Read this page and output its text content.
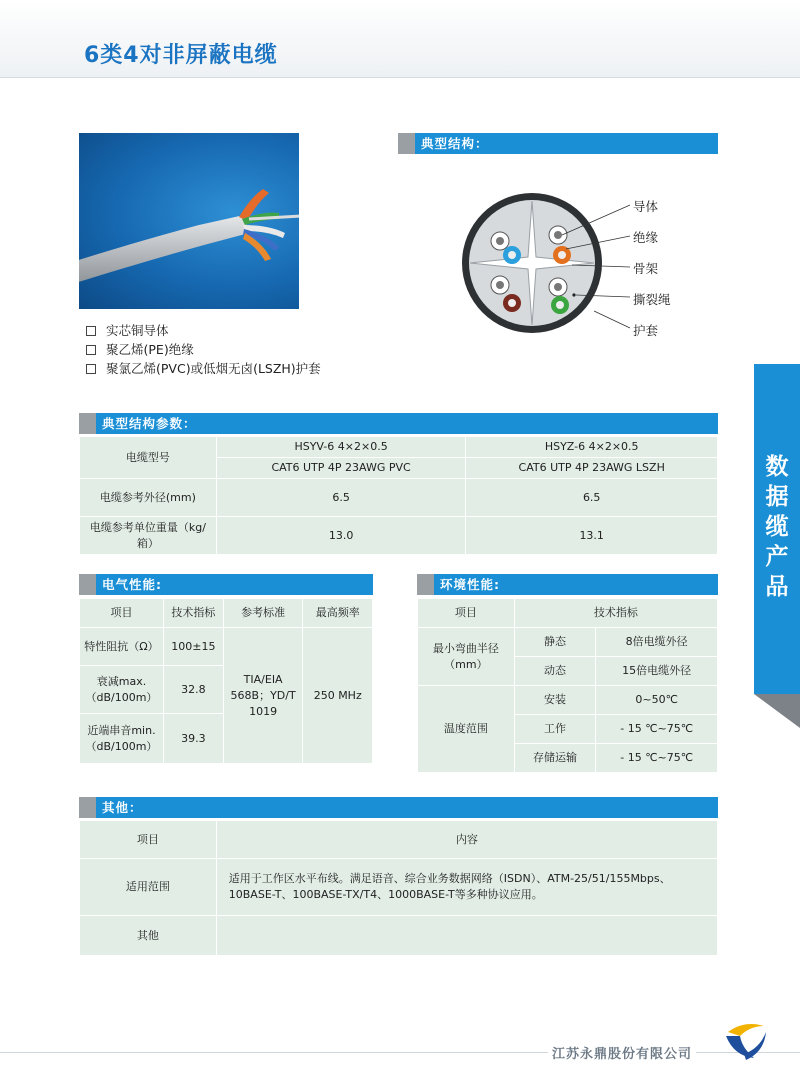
6类4对非屏蔽电缆
实芯铜导体
聚乙烯(PE)绝缘
聚氯乙烯(PVC)或低烟无卤(LSZH)护套
典型结构：
导体
绝缘
骨架
撕裂绳
护套
典型结构参数：
电缆型号	HSYV-6 4×2×0.5	HSYZ-6 4×2×0.5
	CAT6 UTP 4P 23AWG PVC	CAT6 UTP 4P 23AWG LSZH
电缆参考外径(mm)	6.5	6.5
电缆参考单位重量（kg/箱）	13.0	13.1
电气性能:
项目	技术指标	参考标准	最高频率
特性阻抗（Ω）	100±15	TIA/EIA 568B；YD/T 1019	250 MHz
衰减max.（dB/100m）	32.8		
近端串音min.（dB/100m）	39.3		
环境性能:
项目	技术指标	
最小弯曲半径（mm）	静态	8倍电缆外径
	动态	15倍电缆外径
温度范围	安装	0~50℃
	工作	- 15 ℃~75℃
	存储运输	- 15 ℃~75℃
其他：
项目	内容
适用范围	适用于工作区水平布线。满足语音、综合业务数据网络（ISDN）、ATM-25/51/155Mbps、10BASE-T、100BASE-TX/T4、1000BASE-T等多种协议应用。
其他	
数
据
缆
产
品
江苏永鼎股份有限公司
